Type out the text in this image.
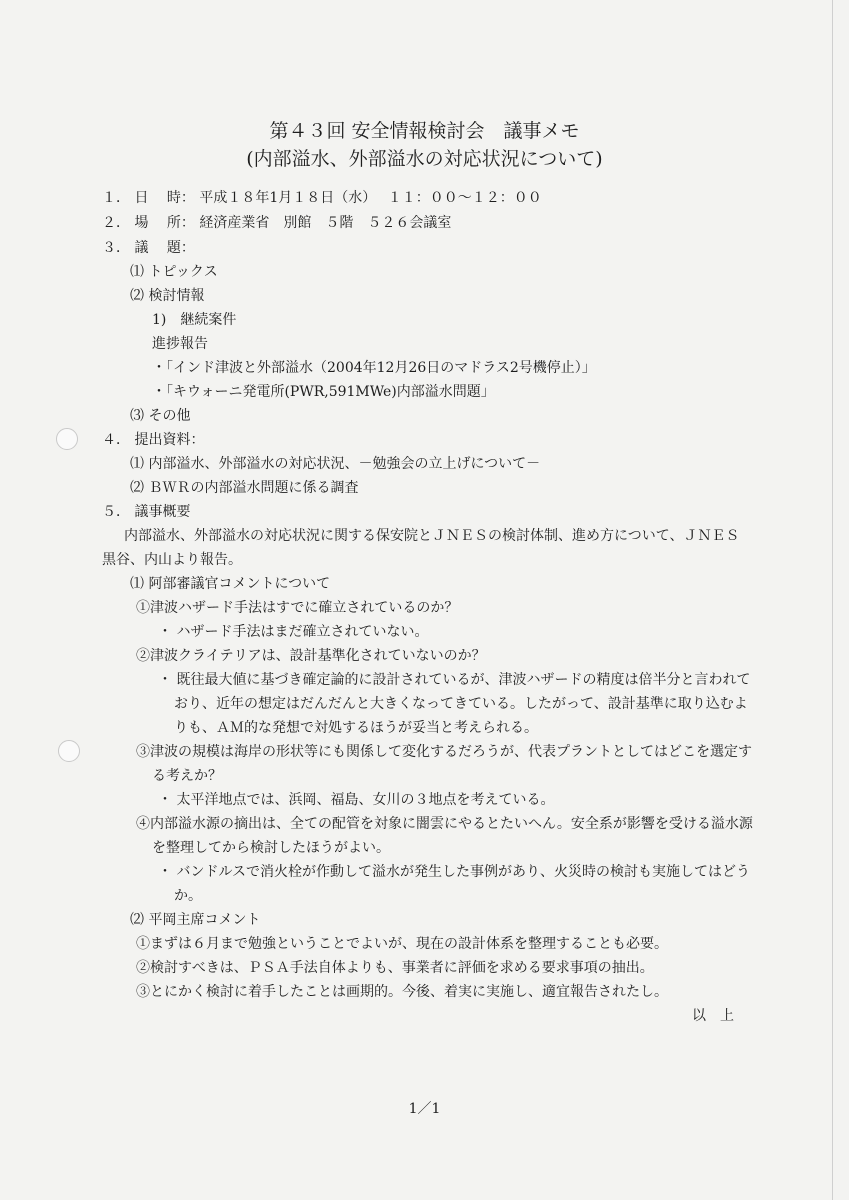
第４３回 安全情報検討会　議事メモ
(内部溢水、外部溢水の対応状況について)
１． 日　 時： 平成１８年1月１８日（水）　 １１：００～１２：００
２． 場　 所： 経済産業省　別館　５階　５２６会議室
３． 議　 題：
⑴ トピックス
⑵ 検討情報
1)　継続案件
進捗報告
・「インド津波と外部溢水（2004年12月26日のマドラス2号機停止）」
・「キウォーニ発電所(PWR,591MWe)内部溢水問題」
⑶ その他
４． 提出資料：
⑴ 内部溢水、外部溢水の対応状況、－勉強会の立上げについて－
⑵ ＢＷＲの内部溢水問題に係る調査
５． 議事概要
内部溢水、外部溢水の対応状況に関する保安院とＪＮＥＳの検討体制、進め方について、ＪＮＥＳ
黒谷、内山より報告。
⑴ 阿部審議官コメントについて
①津波ハザード手法はすでに確立されているのか？
・ ハザード手法はまだ確立されていない。
②津波クライテリアは、設計基準化されていないのか？
・ 既往最大値に基づき確定論的に設計されているが、津波ハザードの精度は倍半分と言われて
おり、近年の想定はだんだんと大きくなってきている。したがって、設計基準に取り込むよ
りも、ＡＭ的な発想で対処するほうが妥当と考えられる。
③津波の規模は海岸の形状等にも関係して変化するだろうが、代表プラントとしてはどこを選定す
る考えか？
・ 太平洋地点では、浜岡、福島、女川の３地点を考えている。
④内部溢水源の摘出は、全ての配管を対象に闇雲にやるとたいへん。安全系が影響を受ける溢水源
を整理してから検討したほうがよい。
・ バンドルスで消火栓が作動して溢水が発生した事例があり、火災時の検討も実施してはどう
か。
⑵ 平岡主席コメント
①まずは６月まで勉強ということでよいが、現在の設計体系を整理することも必要。
②検討すべきは、ＰＳＡ手法自体よりも、事業者に評価を求める要求事項の抽出。
③とにかく検討に着手したことは画期的。今後、着実に実施し、適宜報告されたし。
以　上
1／1
